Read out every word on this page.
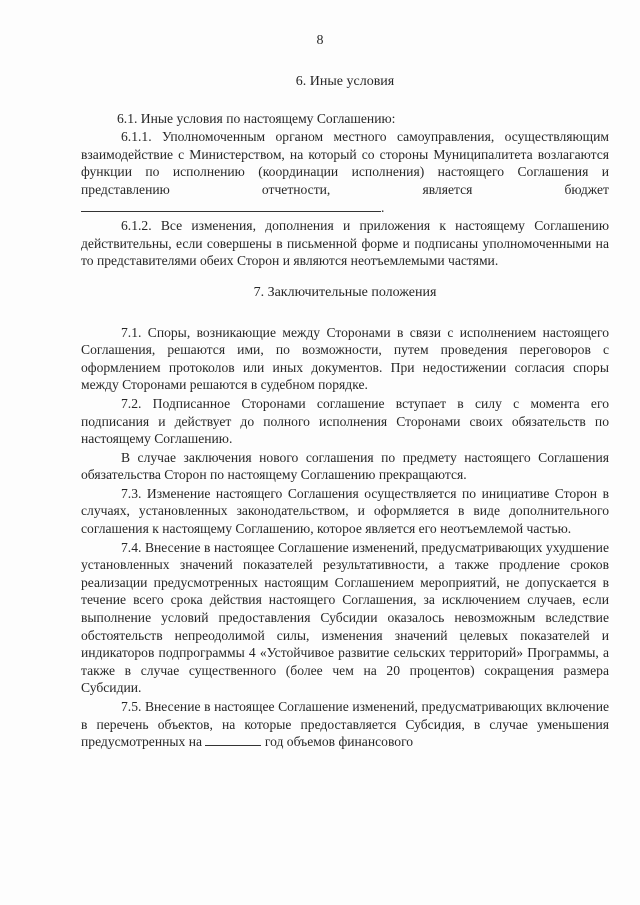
8
6. Иные условия

6.1. Иные условия по настоящему Соглашению:

6.1.1. Уполномоченным органом местного самоуправления, осуществляющим взаимодействие с Министерством, на который со стороны Муниципалитета возлагаются функции по исполнению (координации исполнения) настоящего Соглашения и представлению отчетности, является бюджет .

6.1.2. Все изменения, дополнения и приложения к настоящему Соглашению действительны, если совершены в письменной форме и подписаны уполномоченными на то представителями обеих Сторон и являются неотъемлемыми частями.

7. Заключительные положения

7.1. Споры, возникающие между Сторонами в связи с исполнением настоящего Соглашения, решаются ими, по возможности, путем проведения переговоров с оформлением протоколов или иных документов. При недостижении согласия споры между Сторонами решаются в судебном порядке.

7.2. Подписанное Сторонами соглашение вступает в силу с момента его подписания и действует до полного исполнения Сторонами своих обязательств по настоящему Соглашению.

В случае заключения нового соглашения по предмету настоящего Соглашения обязательства Сторон по настоящему Соглашению прекращаются.

7.3. Изменение настоящего Соглашения осуществляется по инициативе Сторон в случаях, установленных законодательством, и оформляется в виде дополнительного соглашения к настоящему Соглашению, которое является его неотъемлемой частью.

7.4. Внесение в настоящее Соглашение изменений, предусматривающих ухудшение установленных значений показателей результативности, а также продление сроков реализации предусмотренных настоящим Соглашением мероприятий, не допускается в течение всего срока действия настоящего Соглашения, за исключением случаев, если выполнение условий предоставления Субсидии оказалось невозможным вследствие обстоятельств непреодолимой силы, изменения значений целевых показателей и индикаторов подпрограммы 4 «Устойчивое развитие сельских территорий» Программы, а также в случае существенного (более чем на 20 процентов) сокращения размера Субсидии.

7.5. Внесение в настоящее Соглашение изменений, предусматривающих включение в перечень объектов, на которые предоставляется Субсидия, в случае уменьшения предусмотренных на	год объемов финансового
